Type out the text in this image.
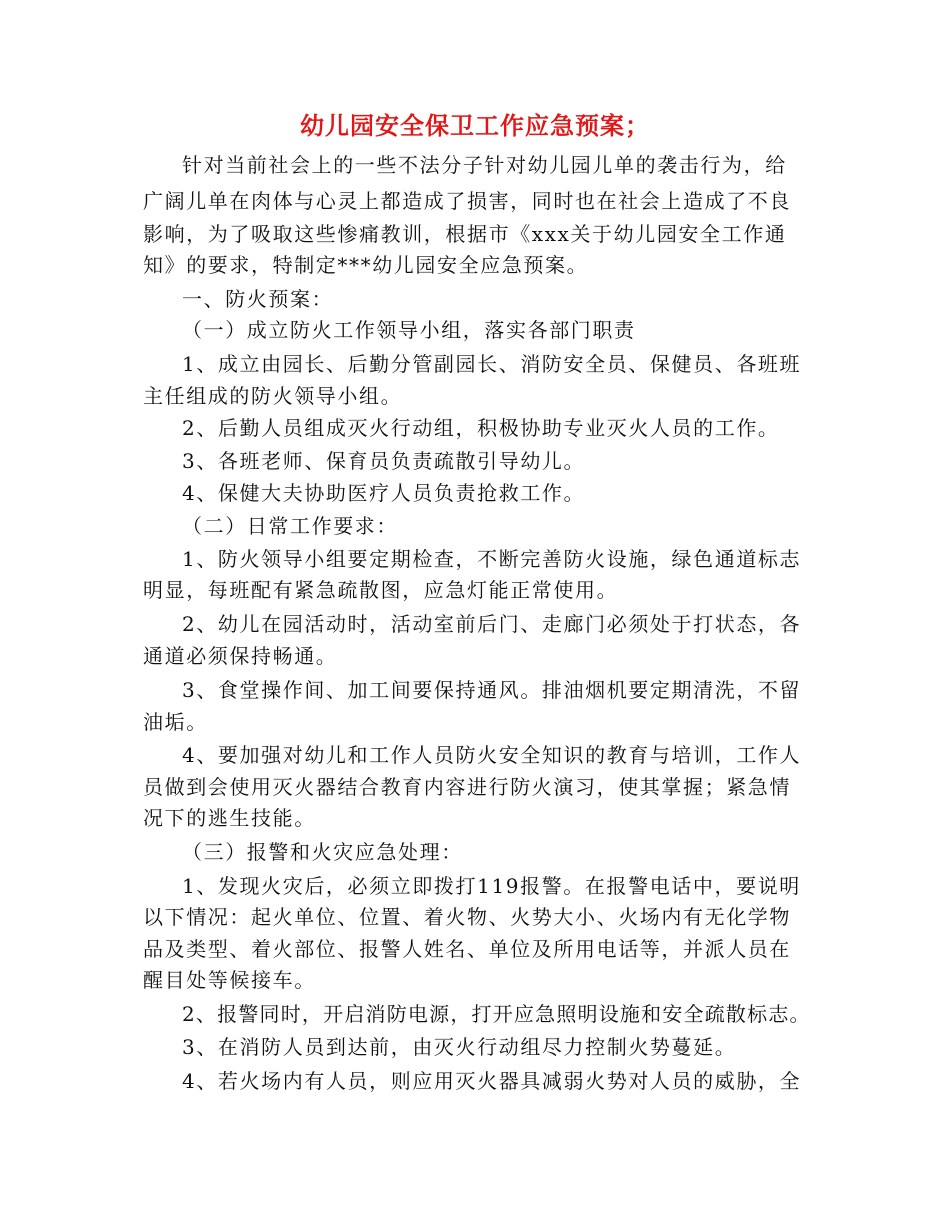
幼儿园安全保卫工作应急预案；
针对当前社会上的一些不法分子针对幼儿园儿单的袭击行为，给
广阔儿单在肉体与心灵上都造成了损害，同时也在社会上造成了不良
影响，为了吸取这些惨痛教训，根据市《xxx关于幼儿园安全工作通
知》的要求，特制定***幼儿园安全应急预案。
一、防火预案：
（一）成立防火工作领导小组，落实各部门职责
1、成立由园长、后勤分管副园长、消防安全员、保健员、各班班
主任组成的防火领导小组。
2、后勤人员组成灭火行动组，积极协助专业灭火人员的工作。
3、各班老师、保育员负责疏散引导幼儿。
4、保健大夫协助医疗人员负责抢救工作。
（二）日常工作要求：
1、防火领导小组要定期检查，不断完善防火设施，绿色通道标志
明显，每班配有紧急疏散图，应急灯能正常使用。
2、幼儿在园活动时，活动室前后门、走廊门必须处于打状态，各
通道必须保持畅通。
3、食堂操作间、加工间要保持通风。排油烟机要定期清洗，不留
油垢。
4、要加强对幼儿和工作人员防火安全知识的教育与培训，工作人
员做到会使用灭火器结合教育内容进行防火演习，使其掌握；紧急情
况下的逃生技能。
（三）报警和火灾应急处理：
1、发现火灾后，必须立即拨打119报警。在报警电话中，要说明
以下情况：起火单位、位置、着火物、火势大小、火场内有无化学物
品及类型、着火部位、报警人姓名、单位及所用电话等，并派人员在
醒目处等候接车。
2、报警同时，开启消防电源，打开应急照明设施和安全疏散标志。
3、在消防人员到达前，由灭火行动组尽力控制火势蔓延。
4、若火场内有人员，则应用灭火器具减弱火势对人员的威胁，全
